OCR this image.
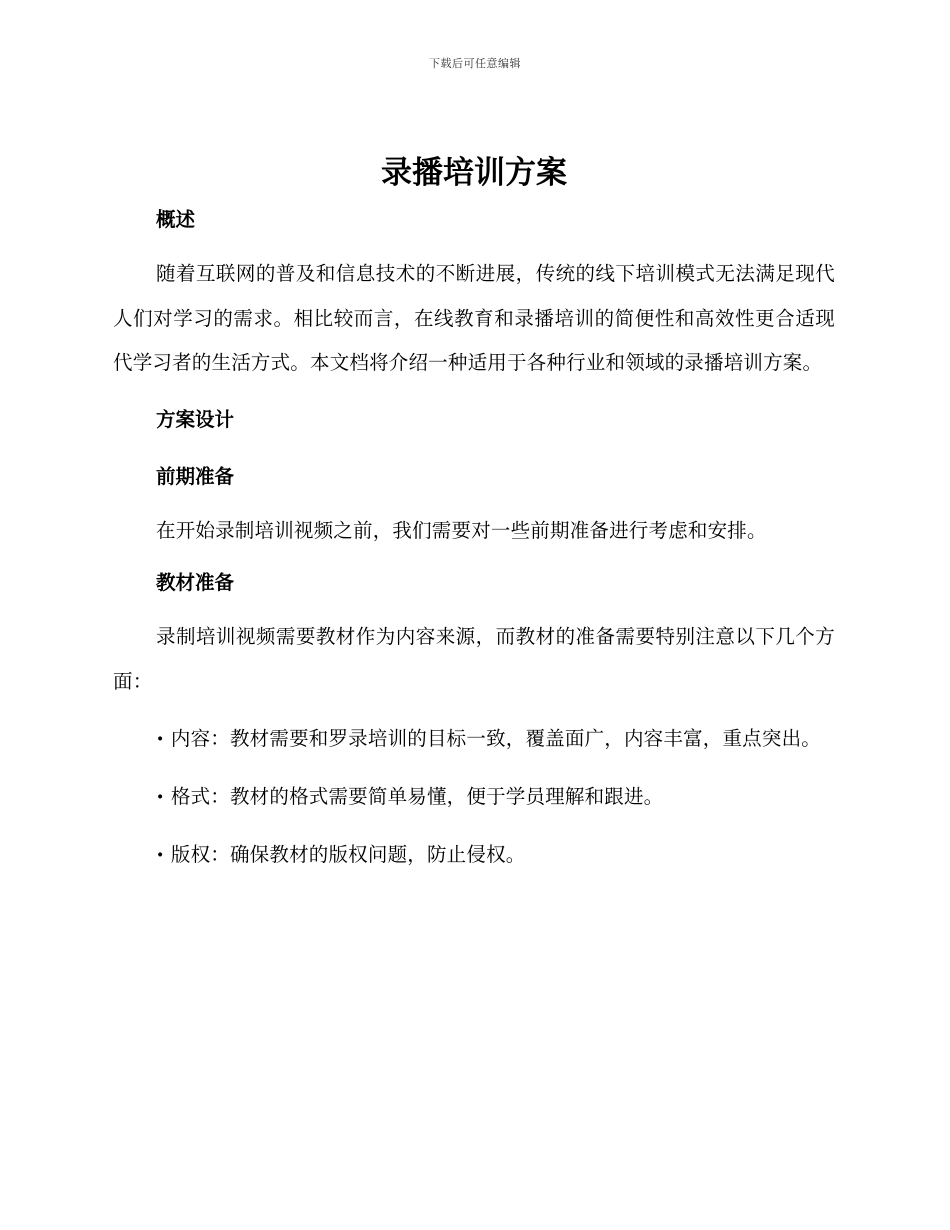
下载后可任意编辑
录播培训方案
概述

随着互联网的普及和信息技术的不断进展，传统的线下培训模式无法满足现代人们对学习的需求。相比较而言，在线教育和录播培训的简便性和高效性更合适现代学习者的生活方式。本文档将介绍一种适用于各种行业和领域的录播培训方案。

方案设计
前期准备

在开始录制培训视频之前，我们需要对一些前期准备进行考虑和安排。

教材准备

录制培训视频需要教材作为内容来源，而教材的准备需要特别注意以下几个方面：

• 内容：教材需要和罗录培训的目标一致，覆盖面广，内容丰富，重点突出。

• 格式：教材的格式需要简单易懂，便于学员理解和跟进。

• 版权：确保教材的版权问题，防止侵权。
